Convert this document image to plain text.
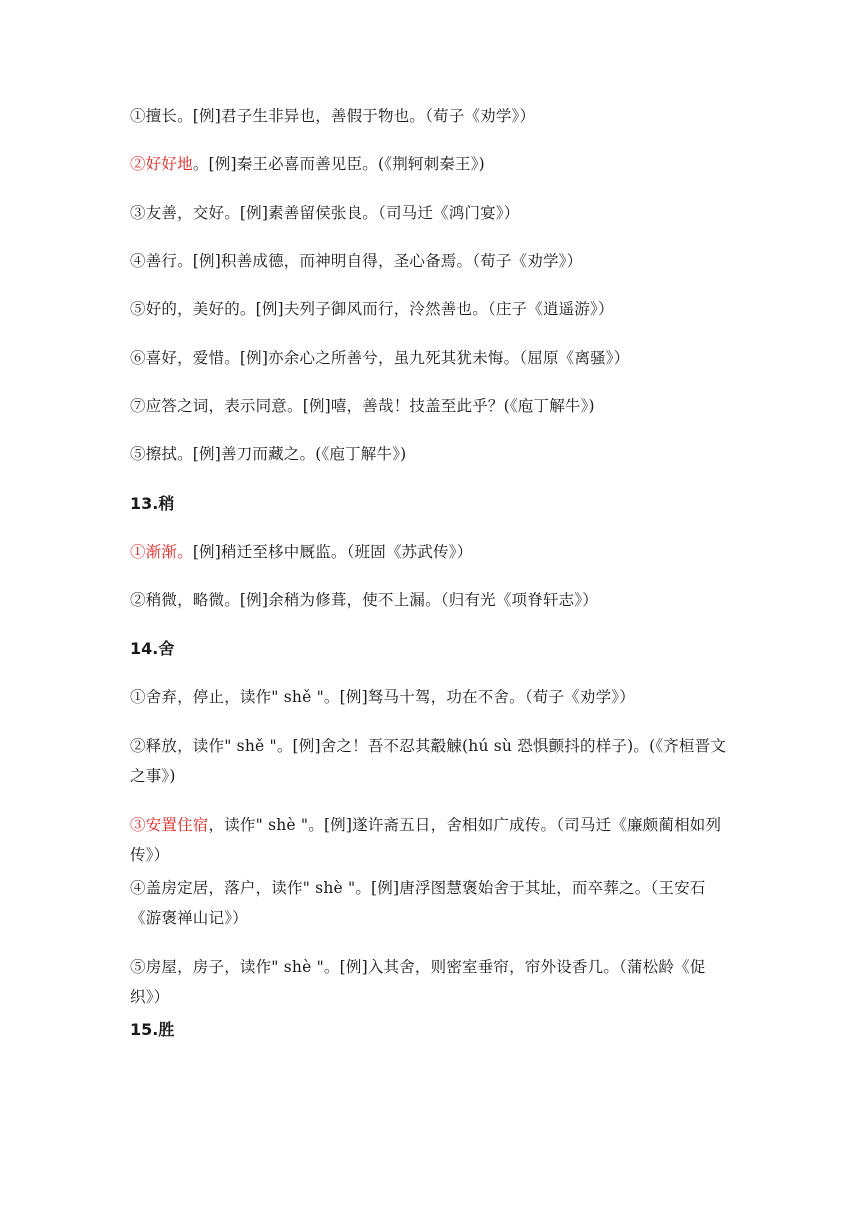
①擅长。[例]君子生非异也，善假于物也。（荀子《劝学》）
②好好地。[例]秦王必喜而善见臣。(《荆轲刺秦王》)
③友善，交好。[例]素善留侯张良。（司马迁《鸿门宴》）
④善行。[例]积善成德，而神明自得，圣心备焉。（荀子《劝学》）
⑤好的，美好的。[例]夫列子御风而行，泠然善也。（庄子《逍遥游》）
⑥喜好，爱惜。[例]亦余心之所善兮，虽九死其犹未悔。（屈原《离骚》）
⑦应答之词，表示同意。[例]嘻，善哉！技盖至此乎？(《庖丁解牛》)
⑤擦拭。[例]善刀而藏之。(《庖丁解牛》)
13.稍
①渐渐。[例]稍迁至栘中厩监。（班固《苏武传》）
②稍微，略微。[例]余稍为修葺，使不上漏。（归有光《项脊轩志》）
14.舍
①舍弃，停止，读作" shě "。[例]驽马十驾，功在不舍。（荀子《劝学》）
②释放，读作" shě "。[例]舍之！吾不忍其觳觫(hú sù 恐惧颤抖的样子)。(《齐桓晋文之事》)
③安置住宿，读作" shè "。[例]遂许斋五日，舍相如广成传。（司马迁《廉颇蔺相如列传》）
④盖房定居，落户，读作" shè "。[例]唐浮图慧褒始舍于其址，而卒葬之。（王安石《游褒禅山记》）
⑤房屋，房子，读作" shè "。[例]入其舍，则密室垂帘，帘外设香几。（蒲松龄《促织》）
15.胜
